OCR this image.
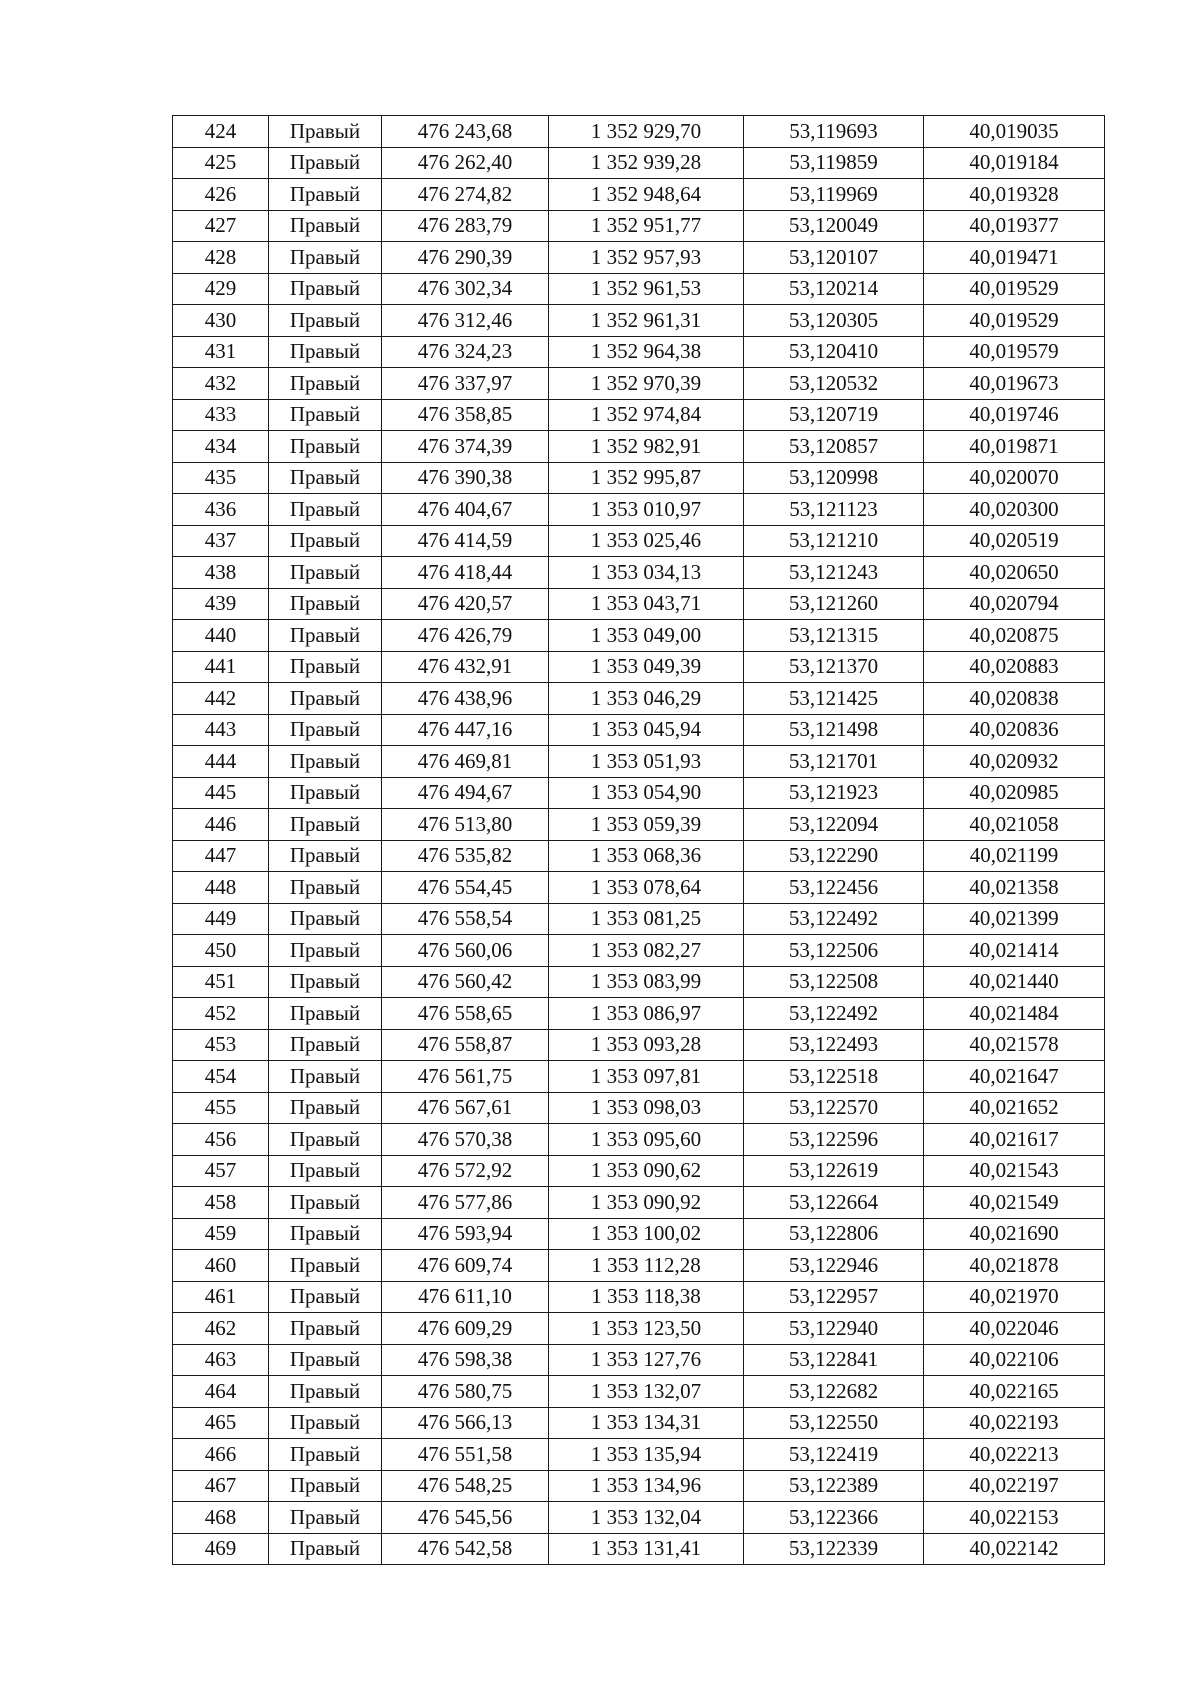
424	Правый	476 243,68	1 352 929,70	53,119693	40,019035
425	Правый	476 262,40	1 352 939,28	53,119859	40,019184
426	Правый	476 274,82	1 352 948,64	53,119969	40,019328
427	Правый	476 283,79	1 352 951,77	53,120049	40,019377
428	Правый	476 290,39	1 352 957,93	53,120107	40,019471
429	Правый	476 302,34	1 352 961,53	53,120214	40,019529
430	Правый	476 312,46	1 352 961,31	53,120305	40,019529
431	Правый	476 324,23	1 352 964,38	53,120410	40,019579
432	Правый	476 337,97	1 352 970,39	53,120532	40,019673
433	Правый	476 358,85	1 352 974,84	53,120719	40,019746
434	Правый	476 374,39	1 352 982,91	53,120857	40,019871
435	Правый	476 390,38	1 352 995,87	53,120998	40,020070
436	Правый	476 404,67	1 353 010,97	53,121123	40,020300
437	Правый	476 414,59	1 353 025,46	53,121210	40,020519
438	Правый	476 418,44	1 353 034,13	53,121243	40,020650
439	Правый	476 420,57	1 353 043,71	53,121260	40,020794
440	Правый	476 426,79	1 353 049,00	53,121315	40,020875
441	Правый	476 432,91	1 353 049,39	53,121370	40,020883
442	Правый	476 438,96	1 353 046,29	53,121425	40,020838
443	Правый	476 447,16	1 353 045,94	53,121498	40,020836
444	Правый	476 469,81	1 353 051,93	53,121701	40,020932
445	Правый	476 494,67	1 353 054,90	53,121923	40,020985
446	Правый	476 513,80	1 353 059,39	53,122094	40,021058
447	Правый	476 535,82	1 353 068,36	53,122290	40,021199
448	Правый	476 554,45	1 353 078,64	53,122456	40,021358
449	Правый	476 558,54	1 353 081,25	53,122492	40,021399
450	Правый	476 560,06	1 353 082,27	53,122506	40,021414
451	Правый	476 560,42	1 353 083,99	53,122508	40,021440
452	Правый	476 558,65	1 353 086,97	53,122492	40,021484
453	Правый	476 558,87	1 353 093,28	53,122493	40,021578
454	Правый	476 561,75	1 353 097,81	53,122518	40,021647
455	Правый	476 567,61	1 353 098,03	53,122570	40,021652
456	Правый	476 570,38	1 353 095,60	53,122596	40,021617
457	Правый	476 572,92	1 353 090,62	53,122619	40,021543
458	Правый	476 577,86	1 353 090,92	53,122664	40,021549
459	Правый	476 593,94	1 353 100,02	53,122806	40,021690
460	Правый	476 609,74	1 353 112,28	53,122946	40,021878
461	Правый	476 611,10	1 353 118,38	53,122957	40,021970
462	Правый	476 609,29	1 353 123,50	53,122940	40,022046
463	Правый	476 598,38	1 353 127,76	53,122841	40,022106
464	Правый	476 580,75	1 353 132,07	53,122682	40,022165
465	Правый	476 566,13	1 353 134,31	53,122550	40,022193
466	Правый	476 551,58	1 353 135,94	53,122419	40,022213
467	Правый	476 548,25	1 353 134,96	53,122389	40,022197
468	Правый	476 545,56	1 353 132,04	53,122366	40,022153
469	Правый	476 542,58	1 353 131,41	53,122339	40,022142
